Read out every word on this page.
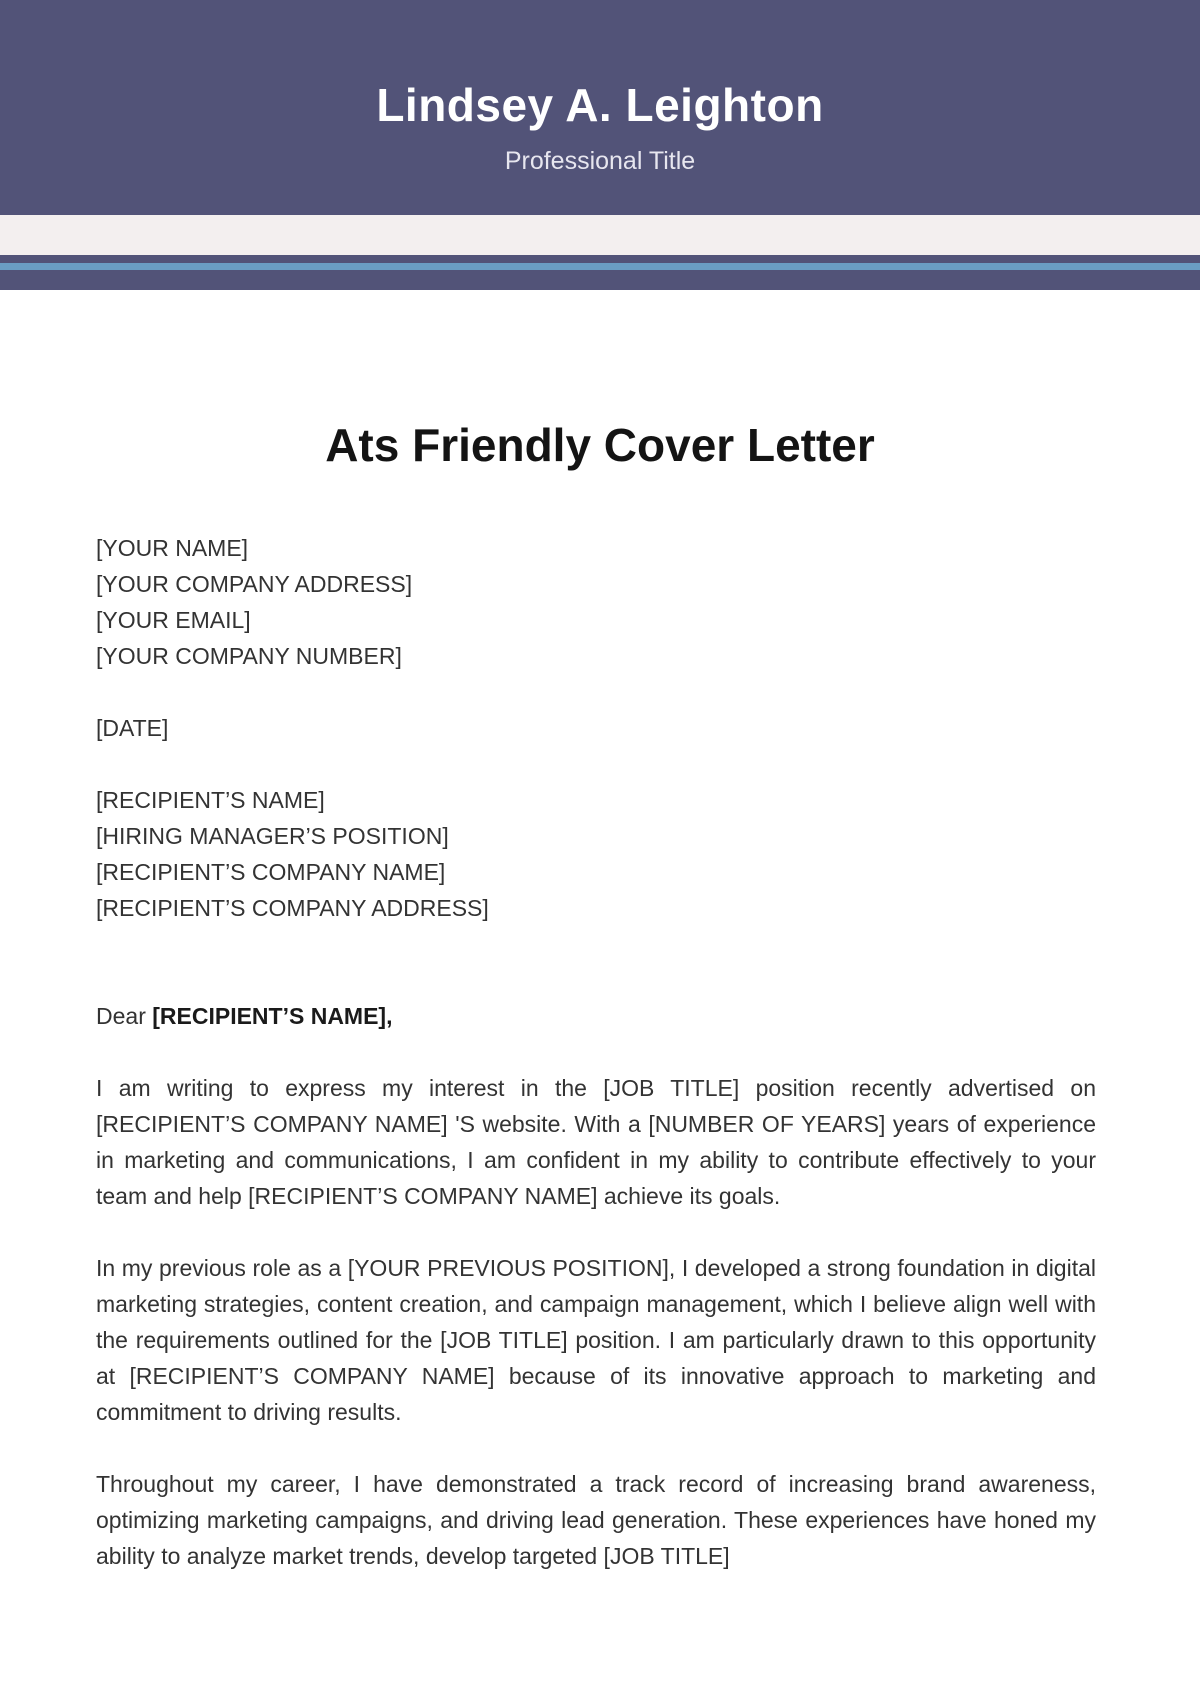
Lindsey A. Leighton
Professional Title
Ats Friendly Cover Letter
[YOUR NAME]
[YOUR COMPANY ADDRESS]
[YOUR EMAIL]
[YOUR COMPANY NUMBER]
[DATE]
[RECIPIENT’S NAME]
[HIRING MANAGER’S POSITION]
[RECIPIENT’S COMPANY NAME]
[RECIPIENT’S COMPANY ADDRESS]

Dear [RECIPIENT’S NAME],

I am writing to express my interest in the [JOB TITLE] position recently advertised on [RECIPIENT’S COMPANY NAME] 'S website. With a [NUMBER OF YEARS] years of experience in marketing and communications, I am confident in my ability to contribute effectively to your team and help [RECIPIENT’S COMPANY NAME] achieve its goals.

In my previous role as a [YOUR PREVIOUS POSITION], I developed a strong foundation in digital marketing strategies, content creation, and campaign management, which I believe align well with the requirements outlined for the [JOB TITLE] position. I am particularly drawn to this opportunity at [RECIPIENT’S COMPANY NAME] because of its innovative approach to marketing and commitment to driving results.

Throughout my career, I have demonstrated a track record of increasing brand awareness, optimizing marketing campaigns, and driving lead generation. These experiences have honed my ability to analyze market trends, develop targeted [JOB TITLE]
